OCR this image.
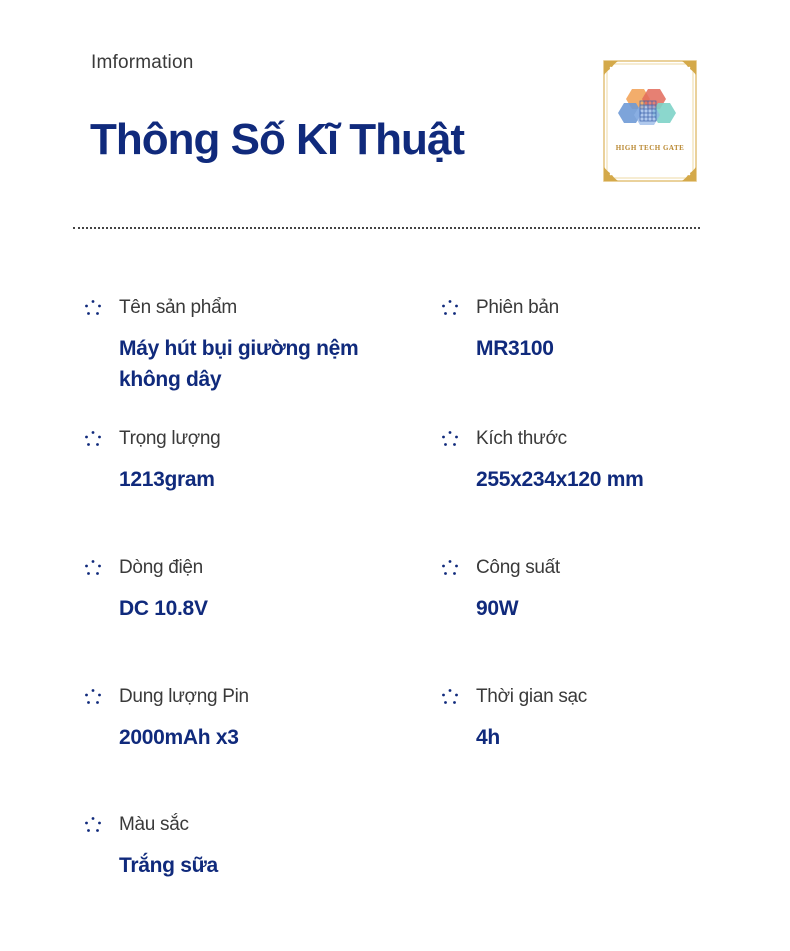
Imformation
Thông Số Kĩ Thuật	HIGH TECH GATE
Tên sản phẩm
Máy hút bụi giường nệm không dây
Phiên bản
MR3100
Trọng lượng
1213gram
Kích thước
255x234x120 mm
Dòng điện
DC 10.8V
Công suất
90W
Dung lượng Pin
2000mAh x3
Thời gian sạc
4h
Màu sắc
Trắng sữa
